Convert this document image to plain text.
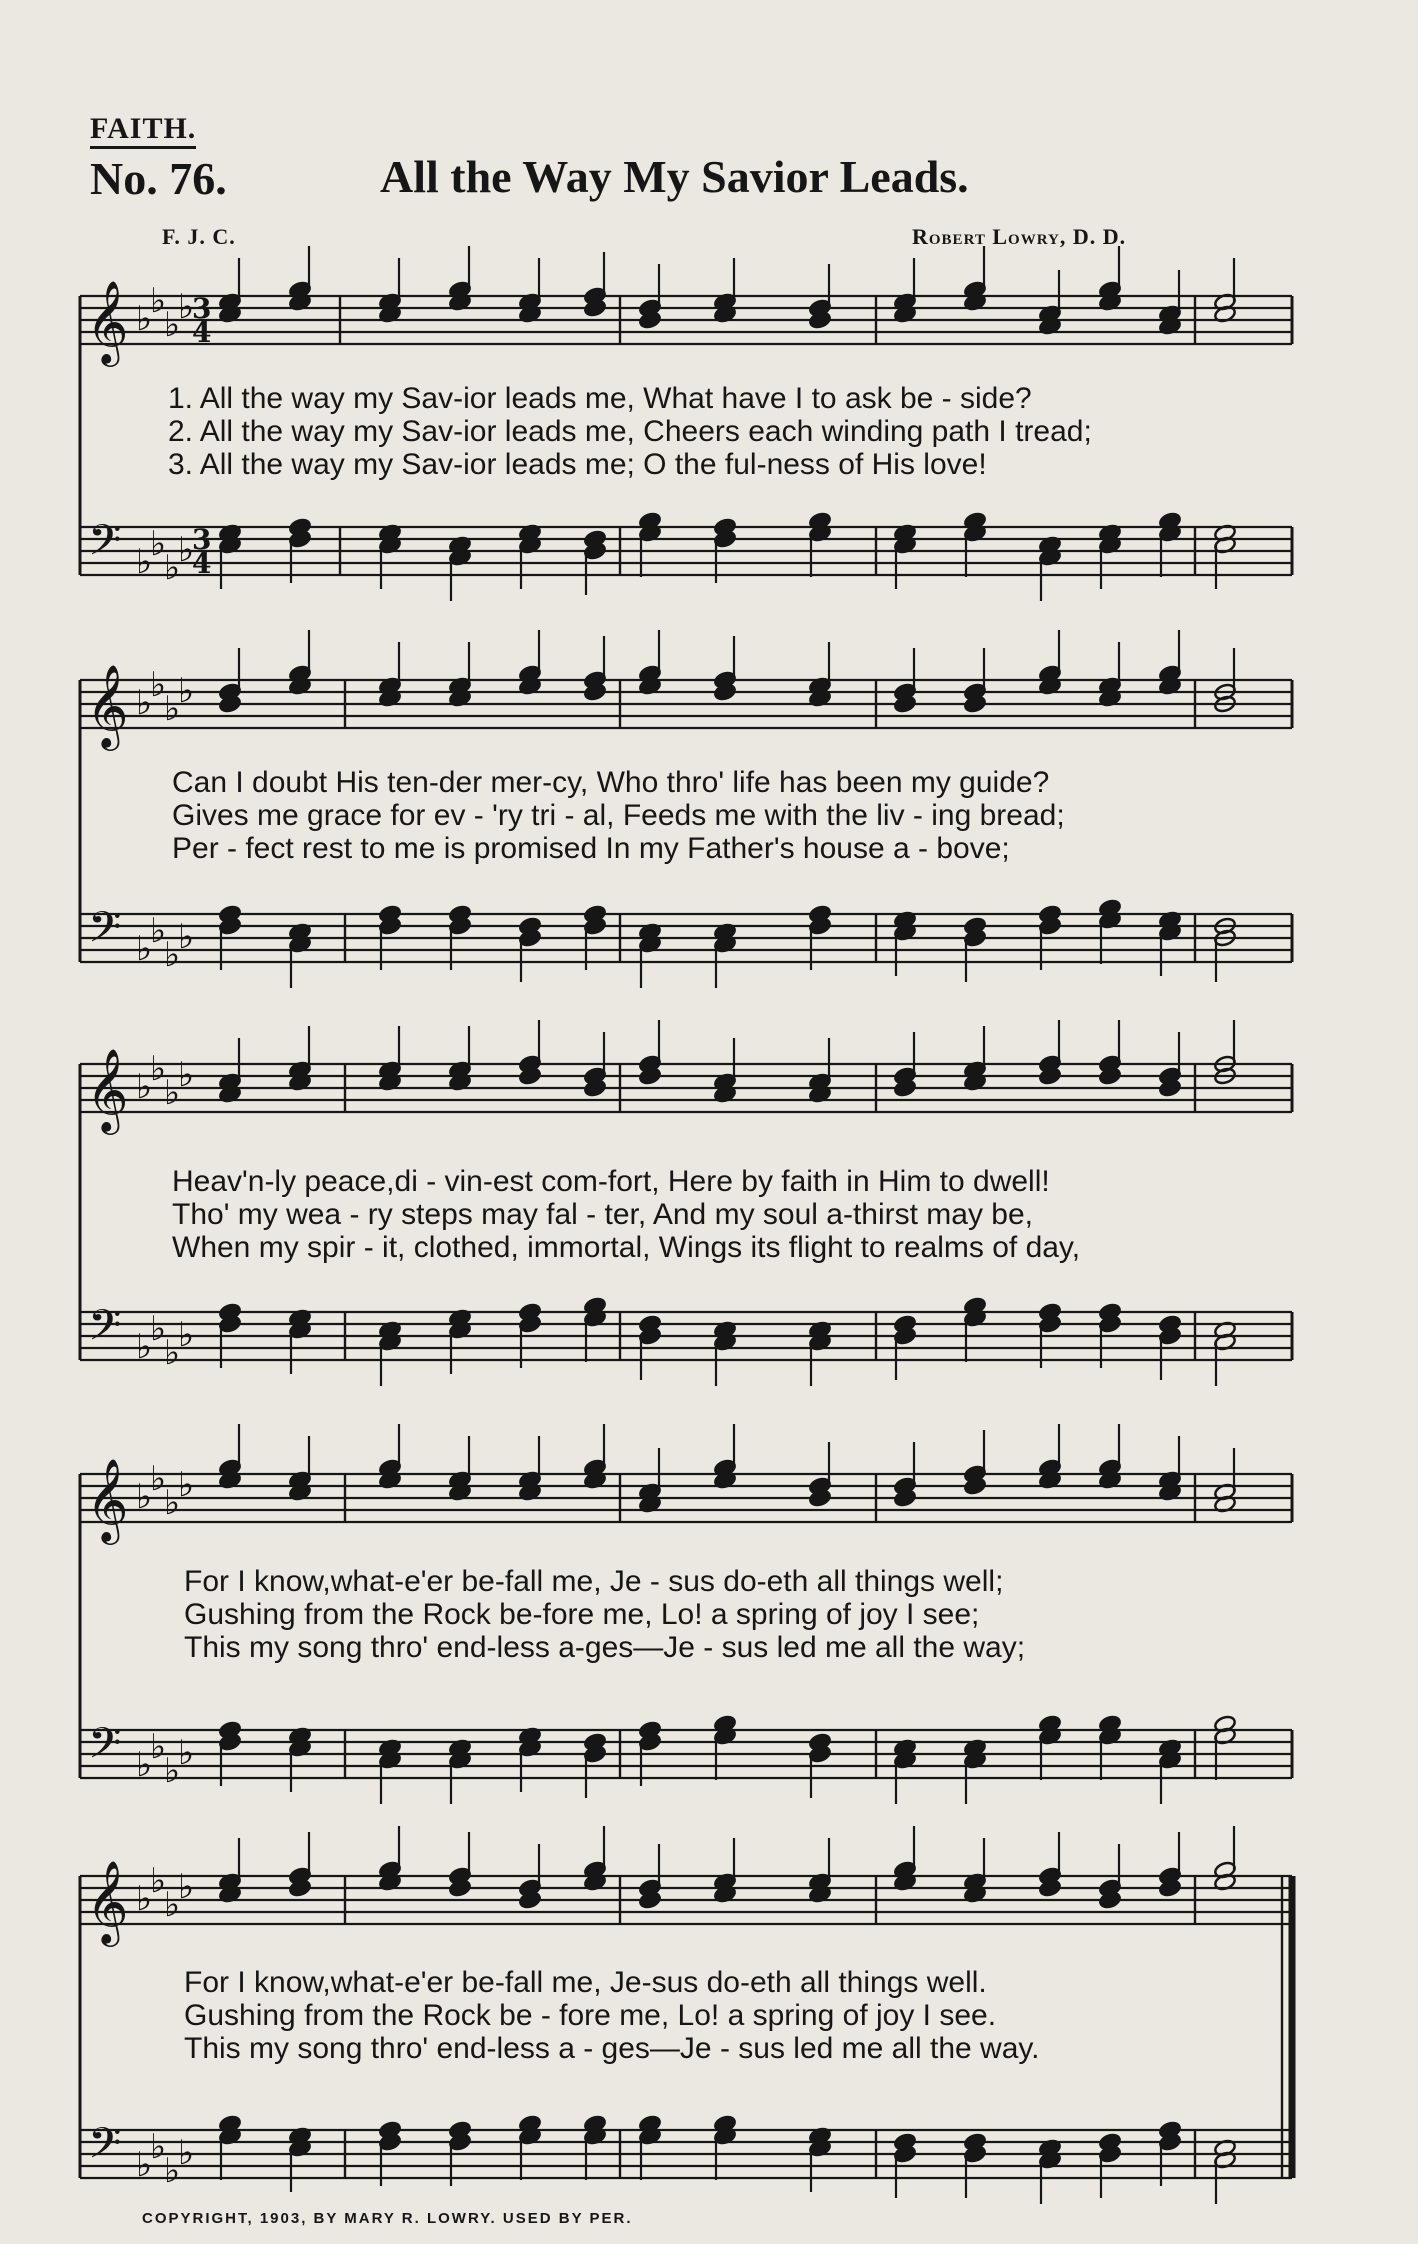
FAITH.
No. 76.	All the Way My Savior Leads.
F. J. C.	Robert Lowry, D. D.
𝄞
𝄢
♭
♭
♭
♭
♭
♭
♭
♭
3
4
3
4
𝄞
𝄢
♭
♭
♭
♭
♭
♭
♭
♭
𝄞
𝄢
♭
♭
♭
♭
♭
♭
♭
♭
𝄞
𝄢
♭
♭
♭
♭
♭
♭
♭
♭
𝄞
𝄢
♭
♭
♭
♭
♭
♭
♭
♭
1. All the way my Sav-ior leads me, What have I to ask be - side?
2. All the way my Sav-ior leads me, Cheers each winding path I tread;
3. All the way my Sav-ior leads me; O the ful-ness of His love!
Can I doubt His ten-der mer-cy, Who thro' life has been my guide?
Gives me grace for ev - 'ry tri - al, Feeds me with the liv - ing bread;
Per - fect rest to me is promised In my Father's house a - bove;
Heav'n-ly peace,di - vin-est com-fort, Here by faith in Him to dwell!
Tho' my wea - ry steps may fal - ter, And my soul a-thirst may be,
When my spir - it, clothed, immortal, Wings its flight to realms of day,
For I know,what-e'er be-fall me, Je - sus do-eth all things well;
Gushing from the Rock be-fore me, Lo! a spring of joy I see;
This my song thro' end-less a-ges—Je - sus led me all the way;
For I know,what-e'er be-fall me, Je-sus do-eth all things well.
Gushing from the Rock be - fore me, Lo! a spring of joy I see.
This my song thro' end-less a - ges—Je - sus led me all the way.
COPYRIGHT, 1903, BY MARY R. LOWRY. USED BY PER.
